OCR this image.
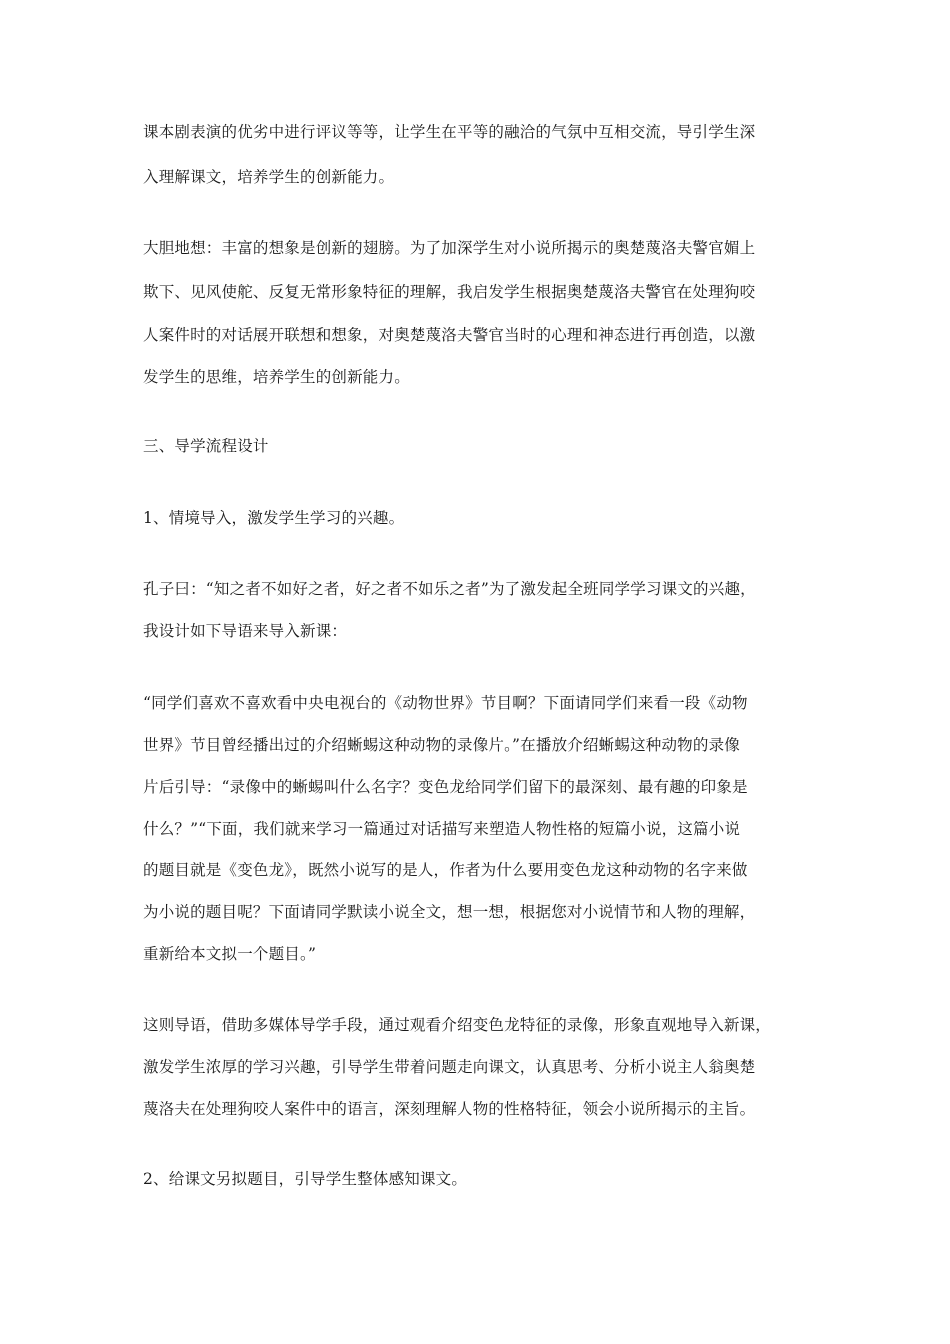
课本剧表演的优劣中进行评议等等，让学生在平等的融洽的气氛中互相交流，导引学生深
入理解课文，培养学生的创新能力。
大胆地想：丰富的想象是创新的翅膀。为了加深学生对小说所揭示的奥楚蔑洛夫警官媚上
欺下、见风使舵、反复无常形象特征的理解，我启发学生根据奥楚蔑洛夫警官在处理狗咬
人案件时的对话展开联想和想象，对奥楚蔑洛夫警官当时的心理和神态进行再创造，以激
发学生的思维，培养学生的创新能力。
三、导学流程设计
1、情境导入，激发学生学习的兴趣。
孔子曰：“知之者不如好之者，好之者不如乐之者”为了激发起全班同学学习课文的兴趣，
我设计如下导语来导入新课：
“同学们喜欢不喜欢看中央电视台的《动物世界》节目啊？下面请同学们来看一段《动物
世界》节目曾经播出过的介绍蜥蜴这种动物的录像片。”在播放介绍蜥蜴这种动物的录像
片后引导：“录像中的蜥蜴叫什么名字？变色龙给同学们留下的最深刻、最有趣的印象是
什么？”“下面，我们就来学习一篇通过对话描写来塑造人物性格的短篇小说，这篇小说
的题目就是《变色龙》，既然小说写的是人，作者为什么要用变色龙这种动物的名字来做
为小说的题目呢？下面请同学默读小说全文，想一想，根据您对小说情节和人物的理解，
重新给本文拟一个题目。”
这则导语，借助多媒体导学手段，通过观看介绍变色龙特征的录像，形象直观地导入新课，
激发学生浓厚的学习兴趣，引导学生带着问题走向课文，认真思考、分析小说主人翁奥楚
蔑洛夫在处理狗咬人案件中的语言，深刻理解人物的性格特征，领会小说所揭示的主旨。
2、给课文另拟题目，引导学生整体感知课文。
